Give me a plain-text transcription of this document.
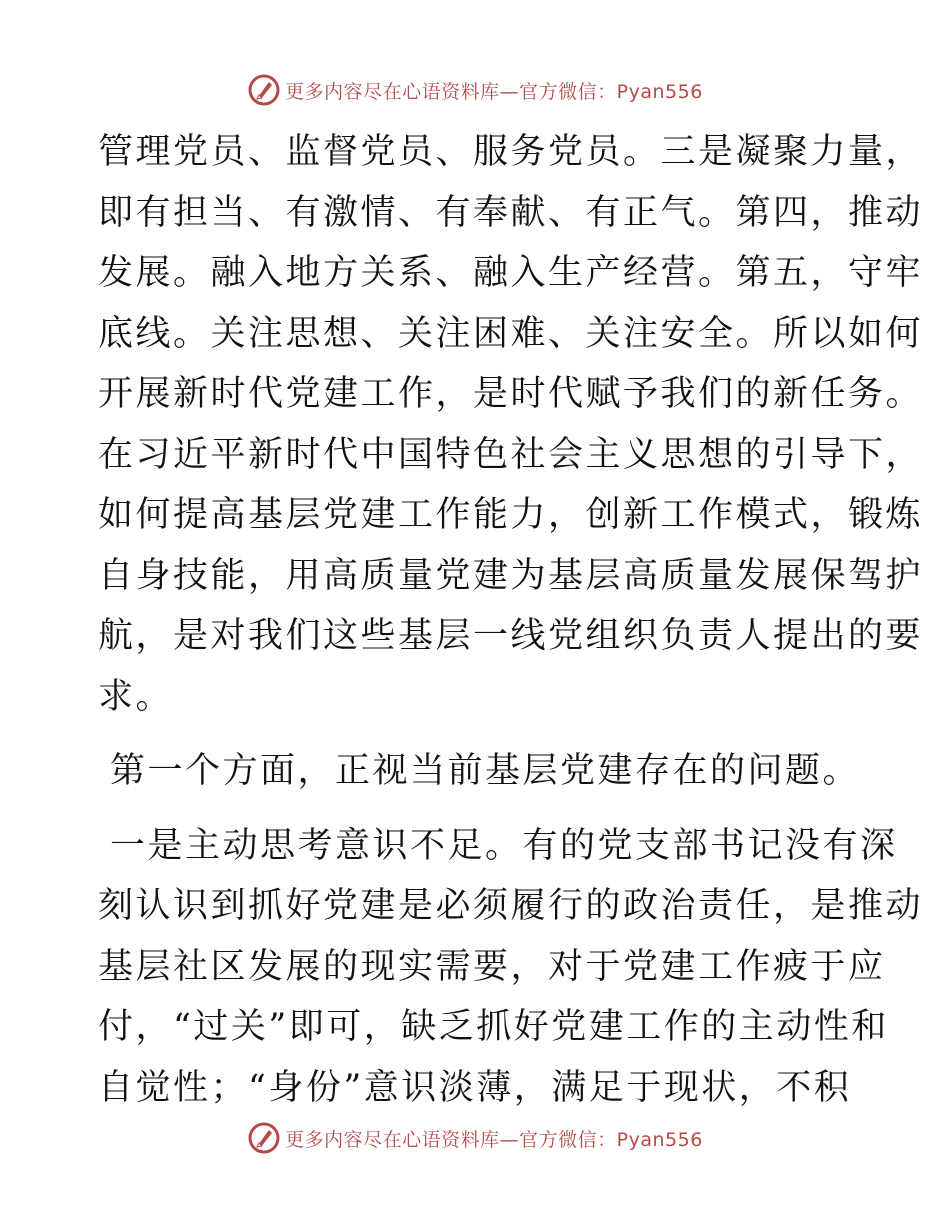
更多内容尽在心语资料库—官方微信：Pyan556

管理党员、监督党员、服务党员。三是凝聚力量，
即有担当、有激情、有奉献、有正气。第四，推动
发展。融入地方关系、融入生产经营。第五，守牢
底线。关注思想、关注困难、关注安全。所以如何
开展新时代党建工作，是时代赋予我们的新任务。
在习近平新时代中国特色社会主义思想的引导下，
如何提高基层党建工作能力，创新工作模式，锻炼
自身技能，用高质量党建为基层高质量发展保驾护
航，是对我们这些基层一线党组织负责人提出的要
求。

第一个方面，正视当前基层党建存在的问题。

一是主动思考意识不足。有的党支部书记没有深
刻认识到抓好党建是必须履行的政治责任，是推动
基层社区发展的现实需要，对于党建工作疲于应
付，“过关”即可，缺乏抓好党建工作的主动性和
自觉性；“身份”意识淡薄，满足于现状，不积

更多内容尽在心语资料库—官方微信：Pyan556
